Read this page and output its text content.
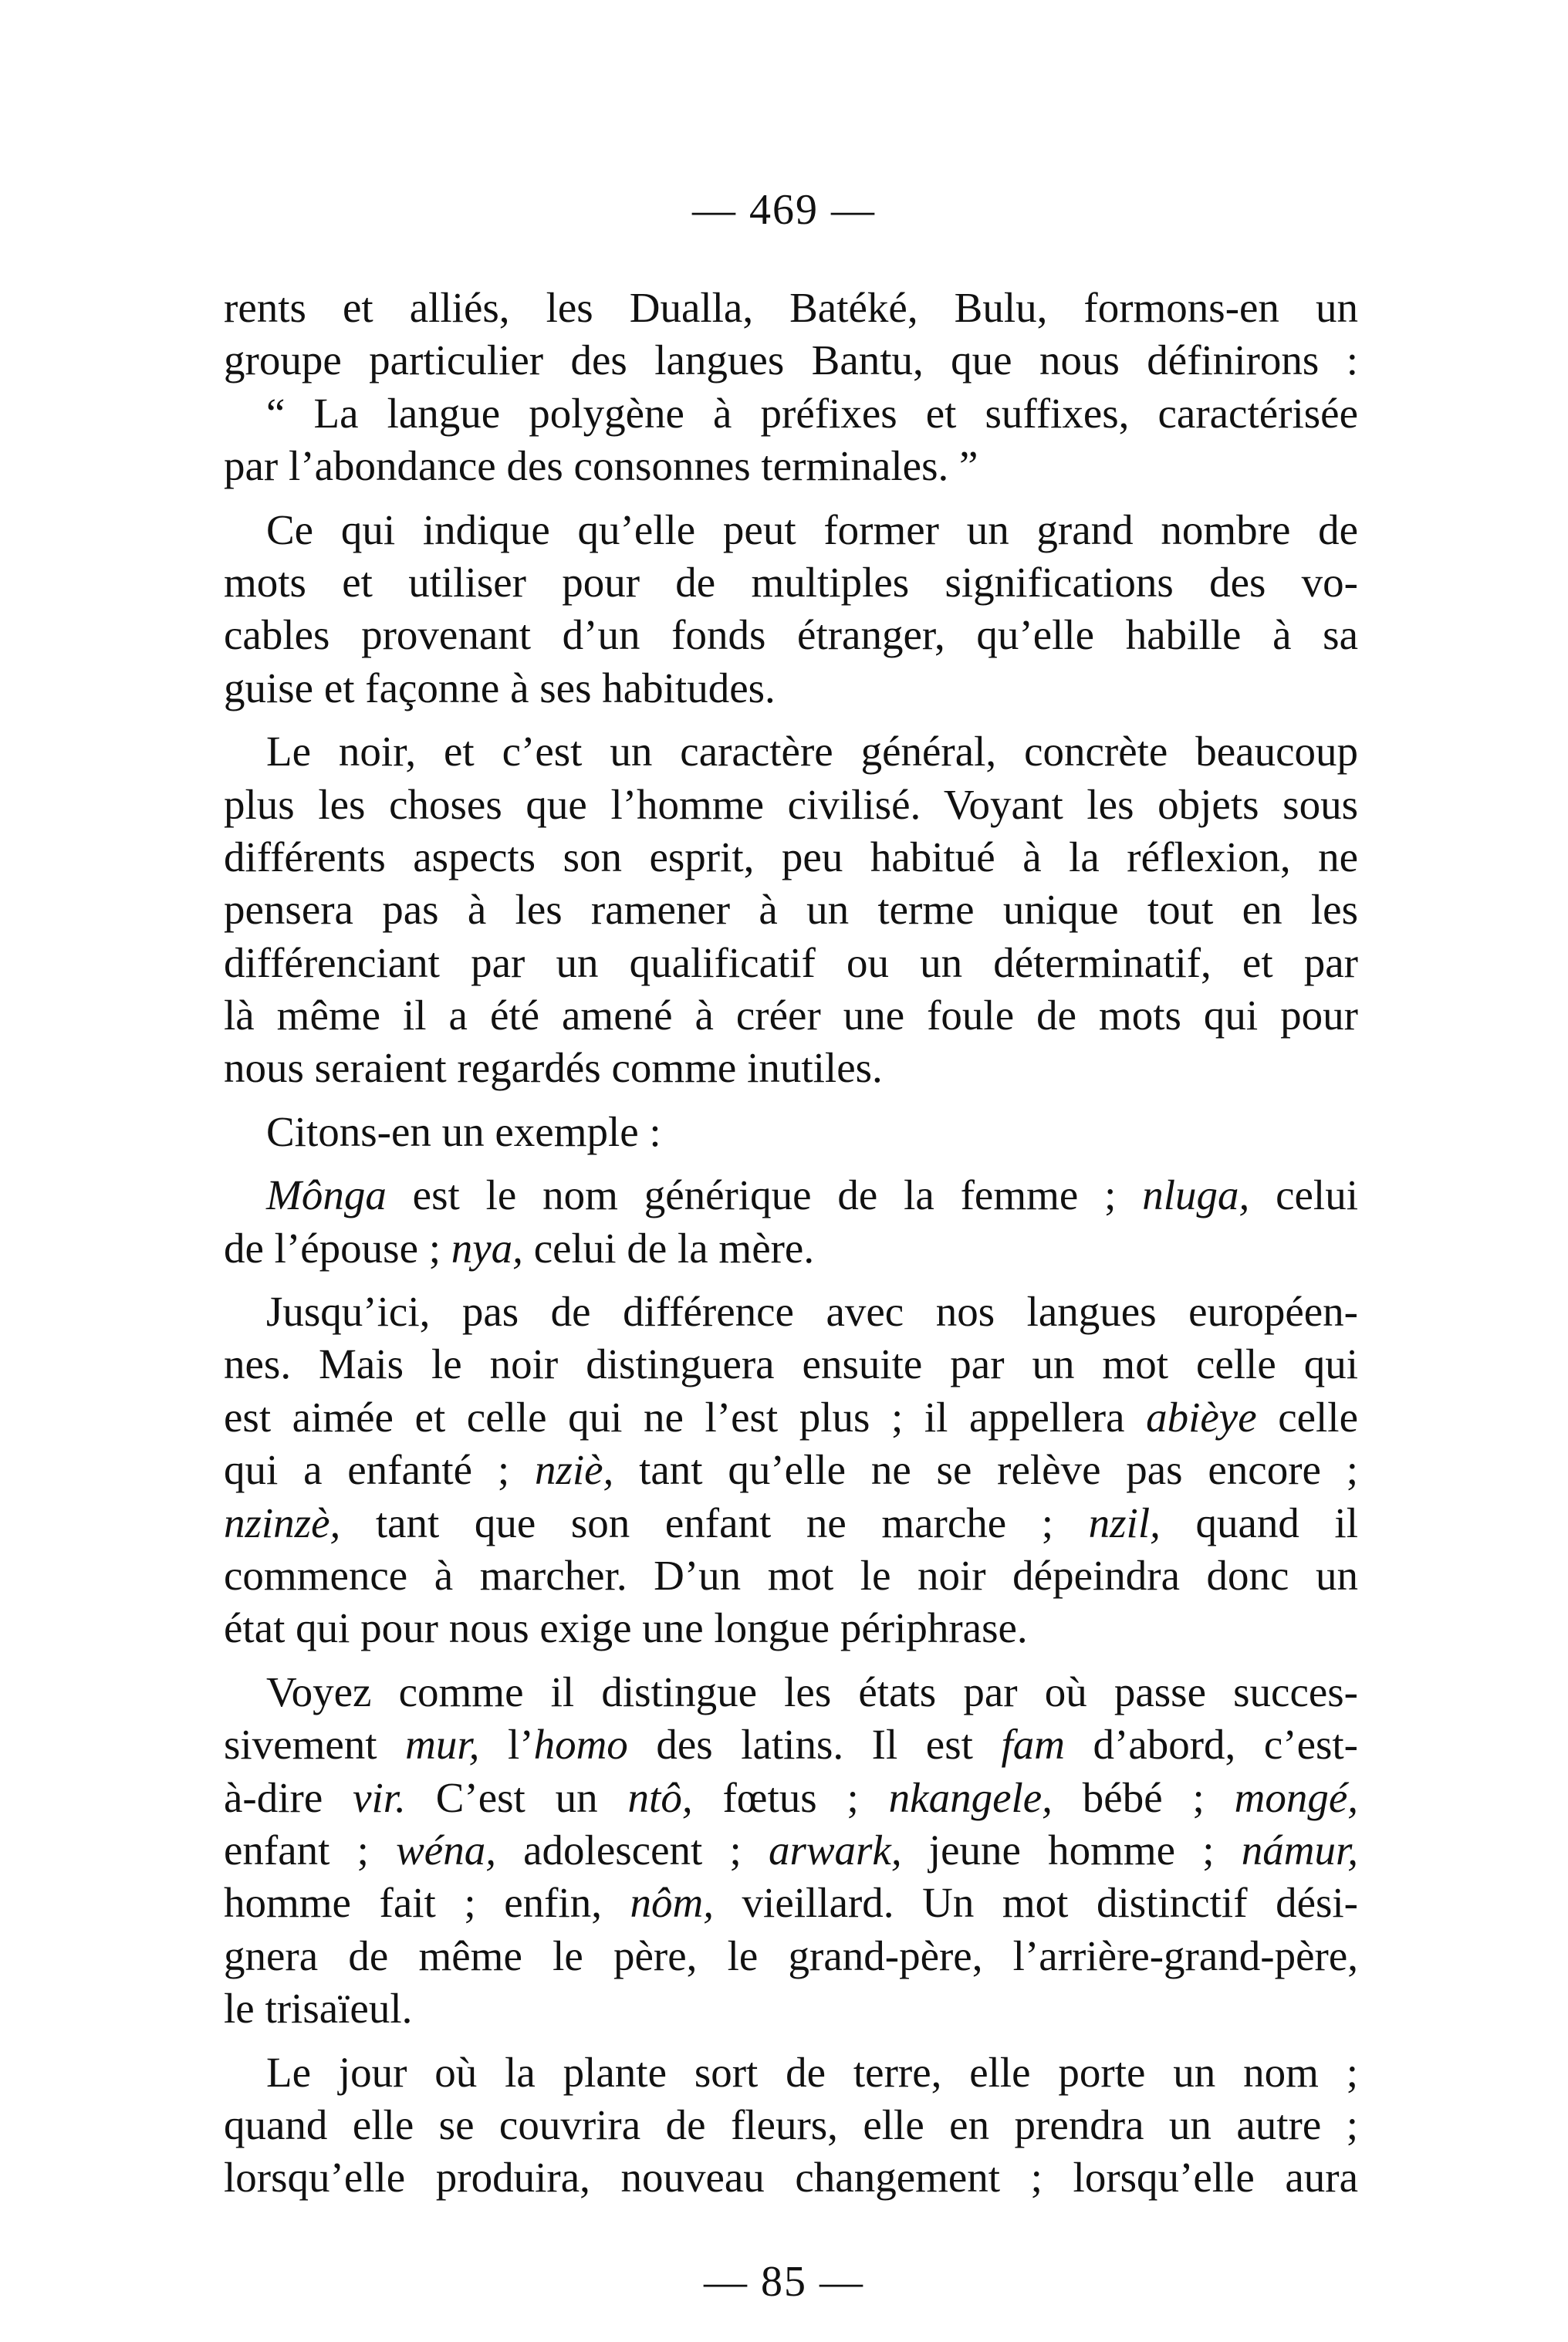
— 469 —
rents et alliés, les Dualla, Batéké, Bulu, formons-en un
groupe particulier des langues Bantu, que nous définirons :
“ La langue polygène à préfixes et suffixes, caractérisée
par l’abondance des consonnes terminales. ”
Ce qui indique qu’elle peut former un grand nombre de
mots et utiliser pour de multiples significations des vo-
cables provenant d’un fonds étranger, qu’elle habille à sa
guise et façonne à ses habitudes.
Le noir, et c’est un caractère général, concrète beaucoup
plus les choses que l’homme civilisé. Voyant les objets sous
différents aspects son esprit, peu habitué à la réflexion, ne
pensera pas à les ramener à un terme unique tout en les
différenciant par un qualificatif ou un déterminatif, et par
là même il a été amené à créer une foule de mots qui pour
nous seraient regardés comme inutiles.
Citons-en un exemple :
Mônga est le nom générique de la femme ; nluga, celui
de l’épouse ; nya, celui de la mère.
Jusqu’ici, pas de différence avec nos langues européen-
nes. Mais le noir distinguera ensuite par un mot celle qui
est aimée et celle qui ne l’est plus ; il appellera abièye celle
qui a enfanté ; nziè, tant qu’elle ne se relève pas encore ;
nzinzè, tant que son enfant ne marche ; nzil, quand il
commence à marcher. D’un mot le noir dépeindra donc un
état qui pour nous exige une longue périphrase.
Voyez comme il distingue les états par où passe succes-
sivement mur, l’homo des latins. Il est fam d’abord, c’est-
à-dire vir. C’est un ntô, fœtus ; nkangele, bébé ; mongé,
enfant ; wéna, adolescent ; arwark, jeune homme ; námur,
homme fait ; enfin, nôm, vieillard. Un mot distinctif dési-
gnera de même le père, le grand-père, l’arrière-grand-père,
le trisaïeul.
Le jour où la plante sort de terre, elle porte un nom ;
quand elle se couvrira de fleurs, elle en prendra un autre ;
lorsqu’elle produira, nouveau changement ; lorsqu’elle aura
— 85 —
